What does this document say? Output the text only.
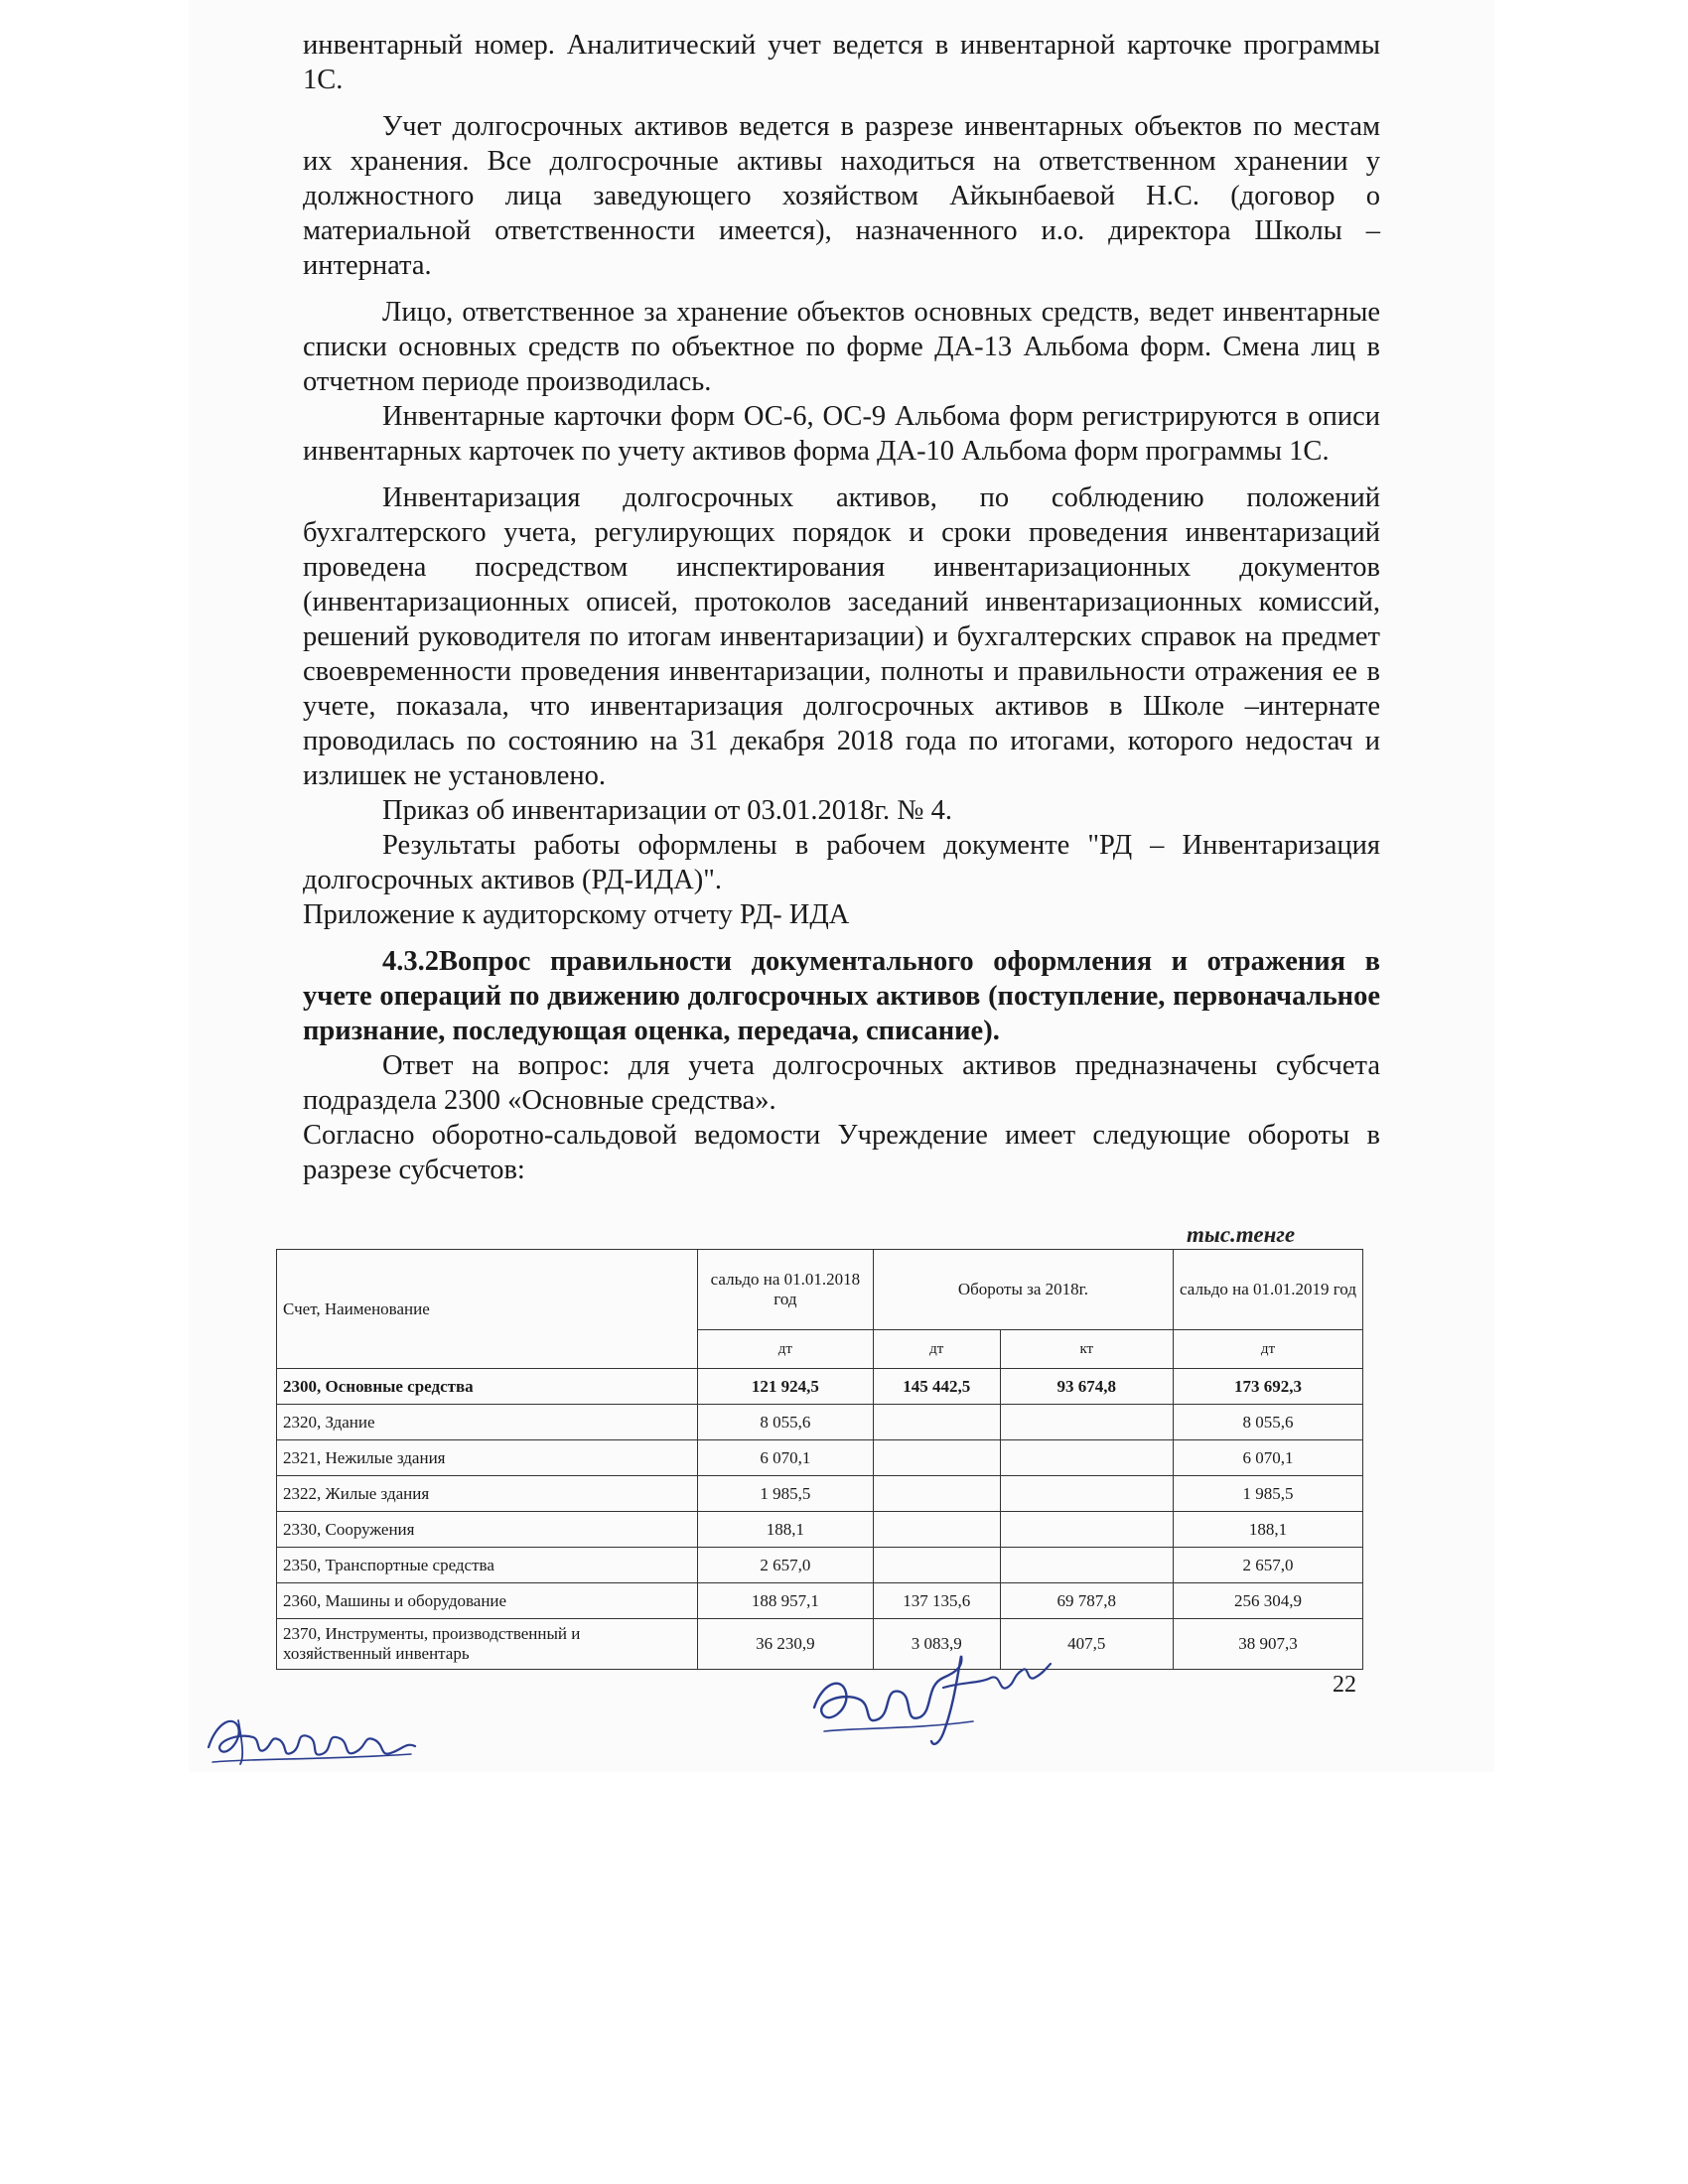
инвентарный номер. Аналитический учет ведется в инвентарной карточке программы 1С.

Учет долгосрочных активов ведется в разрезе инвентарных объектов по местам их хранения. Все долгосрочные активы находиться на ответственном хранении у должностного лица заведующего хозяйством Айкынбаевой Н.С. (договор о материальной ответственности имеется), назначенного и.о. директора Школы – интерната.

Лицо, ответственное за хранение объектов основных средств, ведет инвентарные списки основных средств по объектное по форме ДА-13 Альбома форм. Смена лиц в отчетном периоде производилась.

Инвентарные карточки форм ОС-6, ОС-9 Альбома форм регистрируются в описи инвентарных карточек по учету активов форма ДА-10 Альбома форм программы 1С.

Инвентаризация долгосрочных активов, по соблюдению положений бухгалтерского учета, регулирующих порядок и сроки проведения инвентаризаций проведена посредством инспектирования инвентаризационных документов (инвентаризационных описей, протоколов заседаний инвентаризационных комиссий, решений руководителя по итогам инвентаризации) и бухгалтерских справок на предмет своевременности проведения инвентаризации, полноты и правильности отражения ее в учете, показала, что инвентаризация долгосрочных активов в Школе –интернате проводилась по состоянию на 31 декабря 2018 года по итогами, которого недостач и излишек не установлено.

Приказ об инвентаризации от 03.01.2018г. № 4.

Результаты работы оформлены в рабочем документе "РД – Инвентаризация долгосрочных активов (РД-ИДА)".

Приложение к аудиторскому отчету РД- ИДА

4.3.2Вопрос правильности документального оформления и отражения в учете операций по движению долгосрочных активов (поступление, первоначальное признание, последующая оценка, передача, списание).

Ответ на вопрос: для учета долгосрочных активов предназначены субсчета подраздела 2300 «Основные средства».

Согласно оборотно-сальдовой ведомости Учреждение имеет следующие обороты в разрезе субсчетов:

тыс.тенге
Счет, Наименование	сальдо на 01.01.2018 год	Обороты за 2018г.		сальдо на 01.01.2019 год
	дт	дт	кт	дт
2300, Основные средства	121 924,5	145 442,5	93 674,8	173 692,3
2320, Здание	8 055,6			8 055,6
2321, Нежилые здания	6 070,1			6 070,1
2322, Жилые здания	1 985,5			1 985,5
2330, Сооружения	188,1			188,1
2350, Транспортные средства	2 657,0			2 657,0
2360, Машины и оборудование	188 957,1	137 135,6	69 787,8	256 304,9
2370, Инструменты, производственный и хозяйственный инвентарь	36 230,9	3 083,9	407,5	38 907,3
22
